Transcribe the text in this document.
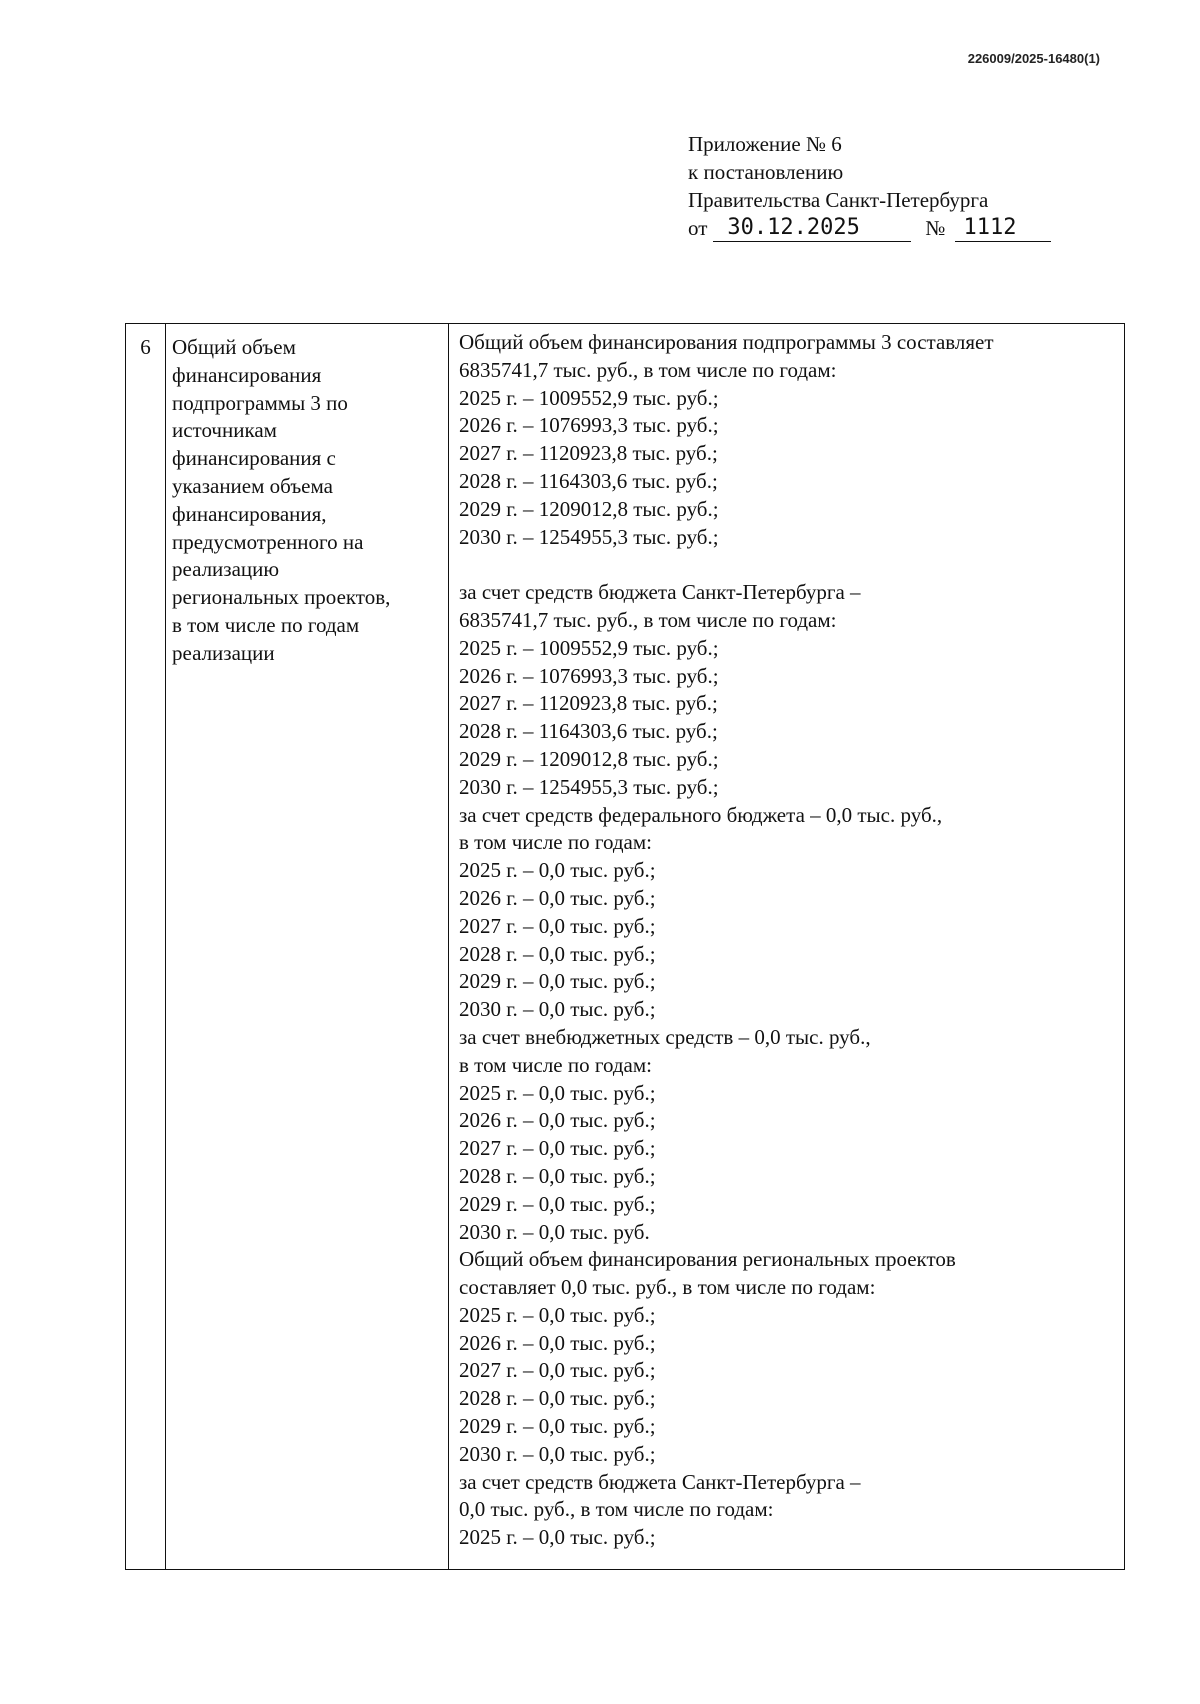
226009/2025-16480(1)
Приложение № 6
к постановлению
Правительства Санкт-Петербурга
от 30.12.2025	№ 1112
6	Общий объем
финансирования
подпрограммы 3 по
источникам
финансирования с
указанием объема
финансирования,
предусмотренного на
реализацию
региональных проектов,
в том числе по годам
реализации
Общий объем финансирования подпрограммы 3 составляет
6835741,7 тыс. руб., в том числе по годам:
2025 г. – 1009552,9 тыс. руб.;
2026 г. – 1076993,3 тыс. руб.;
2027 г. – 1120923,8 тыс. руб.;
2028 г. – 1164303,6 тыс. руб.;
2029 г. – 1209012,8 тыс. руб.;
2030 г. – 1254955,3 тыс. руб.;
за счет средств бюджета Санкт-Петербурга –
6835741,7 тыс. руб., в том числе по годам:
2025 г. – 1009552,9 тыс. руб.;
2026 г. – 1076993,3 тыс. руб.;
2027 г. – 1120923,8 тыс. руб.;
2028 г. – 1164303,6 тыс. руб.;
2029 г. – 1209012,8 тыс. руб.;
2030 г. – 1254955,3 тыс. руб.;
за счет средств федерального бюджета – 0,0 тыс. руб.,
в том числе по годам:
2025 г. – 0,0 тыс. руб.;
2026 г. – 0,0 тыс. руб.;
2027 г. – 0,0 тыс. руб.;
2028 г. – 0,0 тыс. руб.;
2029 г. – 0,0 тыс. руб.;
2030 г. – 0,0 тыс. руб.;
за счет внебюджетных средств – 0,0 тыс. руб.,
в том числе по годам:
2025 г. – 0,0 тыс. руб.;
2026 г. – 0,0 тыс. руб.;
2027 г. – 0,0 тыс. руб.;
2028 г. – 0,0 тыс. руб.;
2029 г. – 0,0 тыс. руб.;
2030 г. – 0,0 тыс. руб.
Общий объем финансирования региональных проектов
составляет 0,0 тыс. руб., в том числе по годам:
2025 г. – 0,0 тыс. руб.;
2026 г. – 0,0 тыс. руб.;
2027 г. – 0,0 тыс. руб.;
2028 г. – 0,0 тыс. руб.;
2029 г. – 0,0 тыс. руб.;
2030 г. – 0,0 тыс. руб.;
за счет средств бюджета Санкт-Петербурга –
0,0 тыс. руб., в том числе по годам:
2025 г. – 0,0 тыс. руб.;
